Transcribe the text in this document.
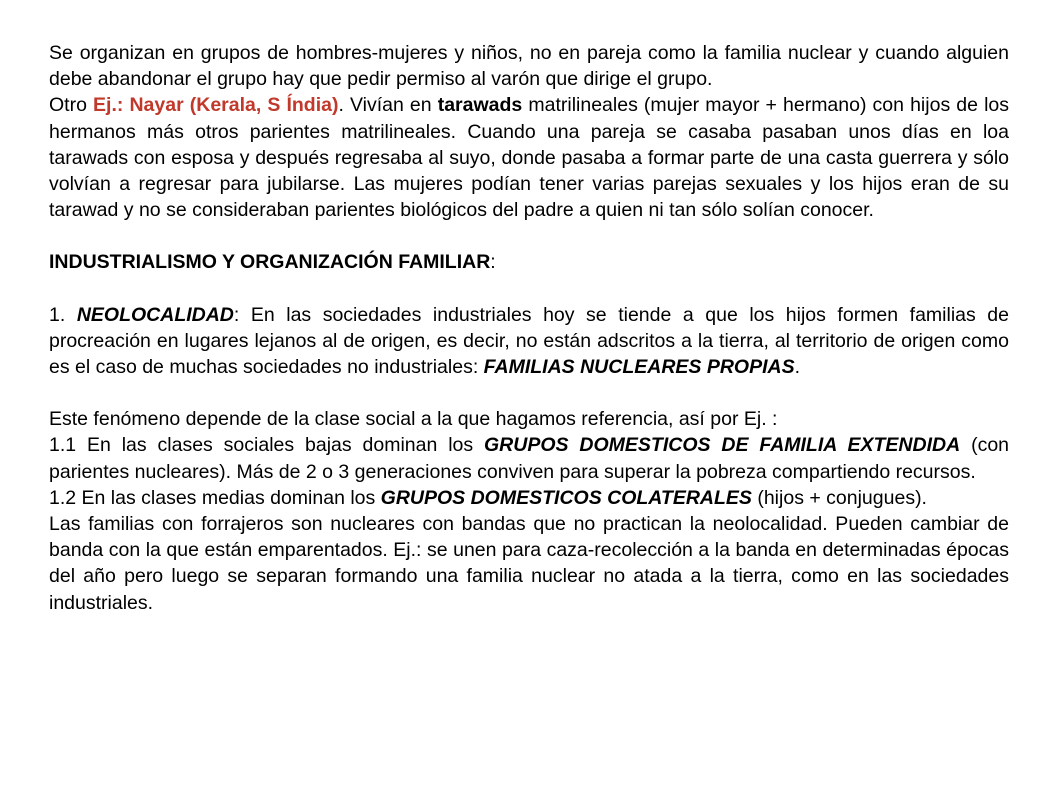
Se organizan en grupos de hombres-mujeres y niños, no en pareja como la familia nuclear y cuando alguien debe abandonar el grupo hay que pedir permiso al varón que dirige el grupo.

Otro Ej.: Nayar (Kerala, S Índia). Vivían en tarawads matrilineales (mujer mayor + hermano) con hijos de los hermanos más otros parientes matrilineales. Cuando una pareja se casaba pasaban unos días en loa tarawads con esposa y después regresaba al suyo, donde pasaba a formar parte de una casta guerrera y sólo volvían a regresar para jubilarse. Las mujeres podían tener varias parejas sexuales y los hijos eran de su tarawad y no se consideraban parientes biológicos del padre a quien ni tan sólo solían conocer.

INDUSTRIALISMO Y ORGANIZACIÓN FAMILIAR:

1. NEOLOCALIDAD: En las sociedades industriales hoy se tiende a que los hijos formen familias de procreación en lugares lejanos al de origen, es decir, no están adscritos a la tierra, al territorio de origen como es el caso de muchas sociedades no industriales: FAMILIAS NUCLEARES PROPIAS.

Este fenómeno depende de la clase social a la que hagamos referencia, así por Ej. :

1.1 En las clases sociales bajas dominan los GRUPOS DOMESTICOS DE FAMILIA EXTENDIDA (con parientes nucleares). Más de 2 o 3 generaciones conviven para superar la pobreza compartiendo recursos.

1.2 En las clases medias dominan los GRUPOS DOMESTICOS COLATERALES (hijos + conjugues).

Las familias con forrajeros son nucleares con bandas que no practican la neolocalidad. Pueden cambiar de banda con la que están emparentados. Ej.: se unen para caza-recolección a la banda en determinadas épocas del año pero luego se separan formando una familia nuclear no atada a la tierra, como en las sociedades industriales.
